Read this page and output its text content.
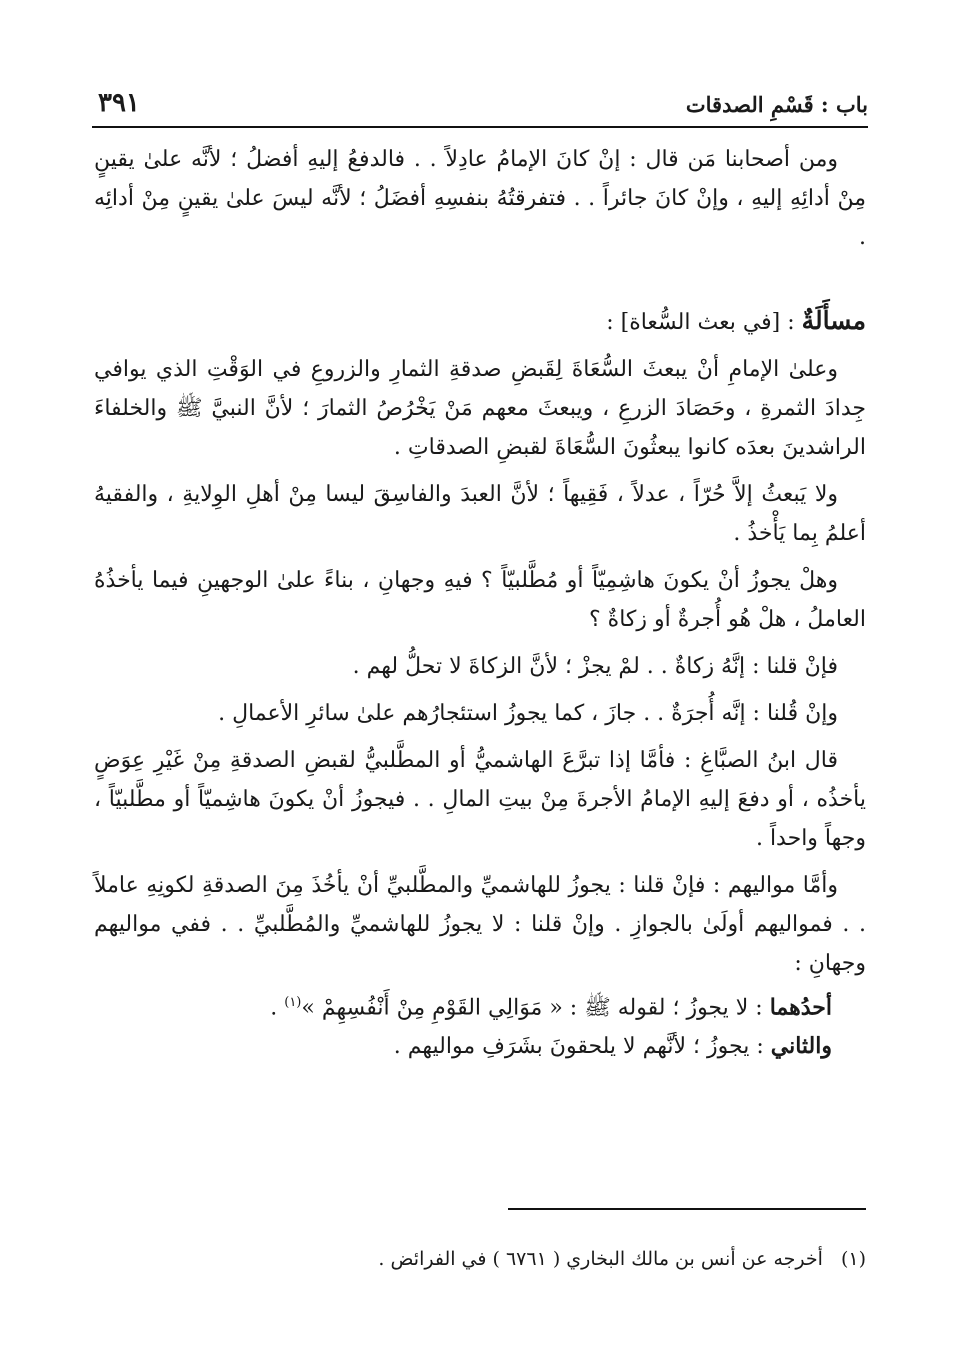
باب : قَسْمِ الصدقات
٣٩١

ومن أصحابنا مَن قال : إنْ كانَ الإمامُ عادِلاً . . فالدفعُ إليهِ أفضلُ ؛ لأنَّه علىٰ يقينٍ مِنْ أدائِهِ إليهِ ، وإنْ كانَ جائراً . . فتفرقتُهُ بنفسِهِ أفضَلُ ؛ لأنَّه ليسَ علىٰ يقينٍ مِنْ أدائِه .

مسأَلَةٌ : [في بعث السُّعاة] :

وعلىٰ الإمامِ أنْ يبعثَ السُّعَاةَ لِقَبضِ صدقةِ الثمارِ والزروعِ في الوَقْتِ الذي يوافي جِدادَ الثمرةِ ، وحَصَادَ الزرعِ ، ويبعثَ معهم مَنْ يَخْرُصُ الثمارَ ؛ لأنَّ النبيَّ ﷺ والخلفاءَ الراشدينَ بعدَه كانوا يبعثُونَ السُّعَاةَ لقبضِ الصدقاتِ .

ولا يَبعثُ إلاَّ حُرّاً ، عدلاً ، فَقِيهاً ؛ لأنَّ العبدَ والفاسِقَ ليسا مِنْ أهلِ الوِلايةِ ، والفقيهُ أعلمُ بِما يَأْخذُ .

وهلْ يجوزُ أنْ يكونَ هاشِمِيّاً أو مُطَّلبيّاً ؟ فيهِ وجهانِ ، بناءً علىٰ الوجهينِ فيما يأخذُهُ العاملُ ، هلْ هُو أُجرةٌ أو زكاةٌ ؟

فإنْ قلنا : إنَّهُ زكاةٌ . . لمْ يجزْ ؛ لأنَّ الزكاةَ لا تحلُّ لهم .

وإنْ قُلنا : إنَّه أُجرَةٌ . . جازَ ، كما يجوزُ استئجارُهم علىٰ سائرِ الأعمالِ .

قال ابنُ الصبَّاغِ : فأمَّا إذا تبرَّعَ الهاشميُّ أو المطَّلبيُّ لقبضِ الصدقةِ مِنْ غَيْرِ عِوَضٍ يأخذُه ، أو دفعَ إليهِ الإمامُ الأجرةَ مِنْ بيتِ المالِ . . فيجوزُ أنْ يكونَ هاشِميّاً أو مطَّلبيّاً ، وجهاً واحداً .

وأمَّا مواليهم : فإنْ قلنا : يجوزُ للهاشميِّ والمطَّلبيِّ أنْ يأخُذَ مِنَ الصدقةِ لكونِهِ عاملاً . . فمواليهم أولَىٰ بالجوازِ . وإنْ قلنا : لا يجوزُ للهاشميِّ والمُطَّلبيِّ . . ففي مواليهم وجهانِ :

أحدُهما : لا يجوزُ ؛ لقوله ﷺ : « مَوَالِي القَوْمِ مِنْ أَنْفُسِهِمْ »$^{(١)}$ .

والثاني : يجوزُ ؛ لأنَّهم لا يلحقونَ بشَرَفِ مواليهم .

(١)أخرجه عن أنس بن مالك البخاري ( ٦٧٦١ ) في الفرائض .
